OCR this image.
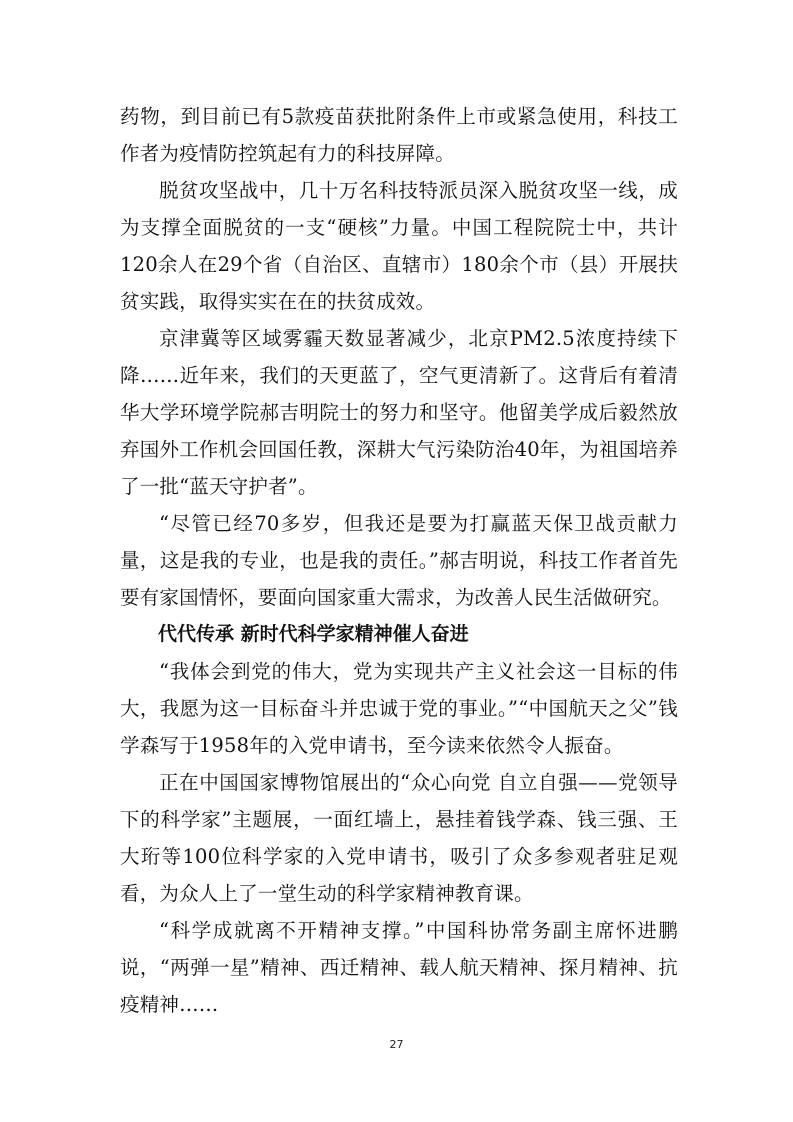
药物，到目前已有5款疫苗获批附条件上市或紧急使用，科技工作者为疫情防控筑起有力的科技屏障。

脱贫攻坚战中，几十万名科技特派员深入脱贫攻坚一线，成为支撑全面脱贫的一支“硬核”力量。中国工程院院士中，共计120余人在29个省（自治区、直辖市）180余个市（县）开展扶贫实践，取得实实在在的扶贫成效。

京津冀等区域雾霾天数显著减少，北京PM2.5浓度持续下降……近年来，我们的天更蓝了，空气更清新了。这背后有着清华大学环境学院郝吉明院士的努力和坚守。他留美学成后毅然放弃国外工作机会回国任教，深耕大气污染防治40年，为祖国培养了一批“蓝天守护者”。

“尽管已经70多岁，但我还是要为打赢蓝天保卫战贡献力量，这是我的专业，也是我的责任。”郝吉明说，科技工作者首先要有家国情怀，要面向国家重大需求，为改善人民生活做研究。

代代传承 新时代科学家精神催人奋进

“我体会到党的伟大，党为实现共产主义社会这一目标的伟大，我愿为这一目标奋斗并忠诚于党的事业。”“中国航天之父”钱学森写于1958年的入党申请书，至今读来依然令人振奋。

正在中国国家博物馆展出的“众心向党 自立自强——党领导下的科学家”主题展，一面红墙上，悬挂着钱学森、钱三强、王大珩等100位科学家的入党申请书，吸引了众多参观者驻足观看，为众人上了一堂生动的科学家精神教育课。

“科学成就离不开精神支撑。”中国科协常务副主席怀进鹏说，“两弹一星”精神、西迁精神、载人航天精神、探月精神、抗疫精神……

27
